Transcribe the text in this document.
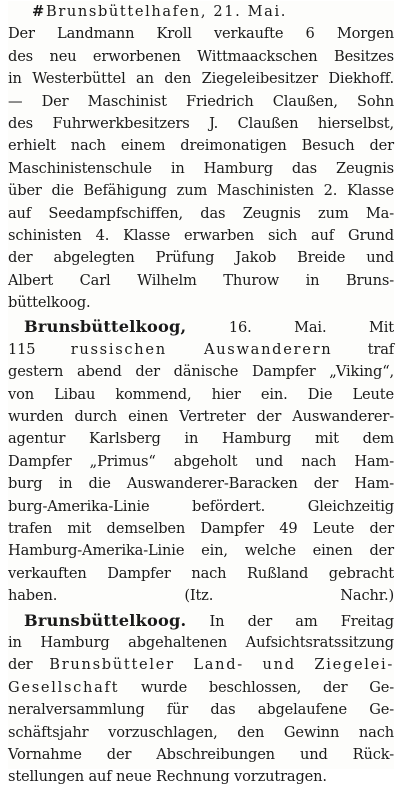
# Brunsbüttelhafen, 21. Mai.
Der Landmann Kroll verkaufte 6 Morgen
des neu erworbenen Wittmaackschen Besitzes
in Westerbüttel an den Ziegeleibesitzer Diekhoff.
— Der Maschinist Friedrich Claußen, Sohn
des Fuhrwerkbesitzers J. Claußen hierselbst,
erhielt nach einem dreimonatigen Besuch der
Maschinistenschule in Hamburg das Zeugnis
über die Befähigung zum Maschinisten 2. Klasse
auf Seedampfschiffen, das Zeugnis zum Ma-
schinisten 4. Klasse erwarben sich auf Grund
der abgelegten Prüfung Jakob Breide und
Albert Carl Wilhelm Thurow in Bruns-
büttelkoog.
Brunsbüttelkoog,	16. Mai.	Mit
115 russischen Auswanderern traf
gestern abend der dänische Dampfer „Viking“,
von Libau kommend, hier ein. Die Leute
wurden durch einen Vertreter der Auswanderer-
agentur Karlsberg in Hamburg mit dem
Dampfer „Primus“ abgeholt und nach Ham-
burg in die Auswanderer-Baracken der Ham-
burg-Amerika-Linie befördert. Gleichzeitig
trafen mit demselben Dampfer 49 Leute der
Hamburg-Amerika-Linie ein, welche einen der
verkauften Dampfer nach Rußland gebracht
haben.	(Itz. Nachr.)
Brunsbüttelkoog. In der am Freitag
in Hamburg abgehaltenen Aufsichtsratssitzung
der Brunsbütteler Land- und Ziegelei-
Gesellschaft wurde beschlossen, der Ge-
neralversammlung für das abgelaufene Ge-
schäftsjahr vorzuschlagen, den Gewinn nach
Vornahme der Abschreibungen und Rück-
stellungen auf neue Rechnung vorzutragen.
